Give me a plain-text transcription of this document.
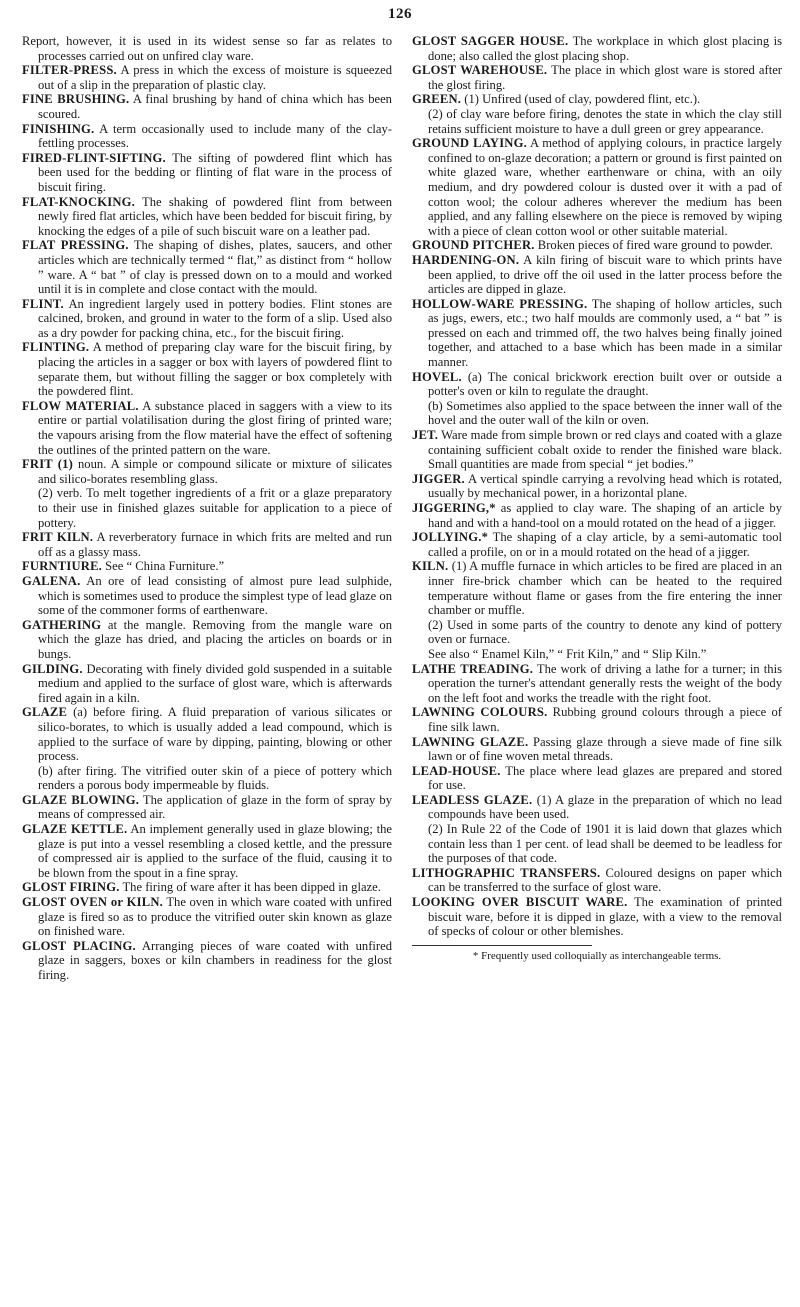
126

Report, however, it is used in its widest sense so far as relates to processes carried out on unfired clay ware.

FILTER-PRESS. A press in which the excess of moisture is squeezed out of a slip in the preparation of plastic clay.

FINE BRUSHING. A final brushing by hand of china which has been scoured.

FINISHING. A term occasionally used to include many of the clay-fettling processes.

FIRED-FLINT-SIFTING. The sifting of powdered flint which has been used for the bedding or flinting of flat ware in the process of biscuit firing.

FLAT-KNOCKING. The shaking of powdered flint from between newly fired flat articles, which have been bedded for biscuit firing, by knocking the edges of a pile of such biscuit ware on a leather pad.

FLAT PRESSING. The shaping of dishes, plates, saucers, and other articles which are technically termed “ flat,” as distinct from “ hollow ” ware. A “ bat ” of clay is pressed down on to a mould and worked until it is in complete and close contact with the mould.

FLINT. An ingredient largely used in pottery bodies. Flint stones are calcined, broken, and ground in water to the form of a slip. Used also as a dry powder for packing china, etc., for the biscuit firing.

FLINTING. A method of preparing clay ware for the biscuit firing, by placing the articles in a sagger or box with layers of powdered flint to separate them, but without filling the sagger or box completely with the powdered flint.

FLOW MATERIAL. A substance placed in saggers with a view to its entire or partial volatilisation during the glost firing of printed ware; the vapours arising from the flow material have the effect of softening the outlines of the printed pattern on the ware.

FRIT (1) noun. A simple or compound silicate or mixture of silicates and silico-borates resembling glass.

(2) verb. To melt together ingredients of a frit or a glaze preparatory to their use in finished glazes suitable for application to a piece of pottery.

FRIT KILN. A reverberatory furnace in which frits are melted and run off as a glassy mass.

FURNTIURE. See “ China Furniture.”

GALENA. An ore of lead consisting of almost pure lead sulphide, which is sometimes used to produce the simplest type of lead glaze on some of the commoner forms of earthenware.

GATHERING at the mangle. Removing from the mangle ware on which the glaze has dried, and placing the articles on boards or in bungs.

GILDING. Decorating with finely divided gold suspended in a suitable medium and applied to the surface of glost ware, which is afterwards fired again in a kiln.

GLAZE (a) before firing. A fluid preparation of various silicates or silico-borates, to which is usually added a lead compound, which is applied to the surface of ware by dipping, painting, blowing or other process.

(b) after firing. The vitrified outer skin of a piece of pottery which renders a porous body impermeable by fluids.

GLAZE BLOWING. The application of glaze in the form of spray by means of compressed air.

GLAZE KETTLE. An implement generally used in glaze blowing; the glaze is put into a vessel resembling a closed kettle, and the pressure of compressed air is applied to the surface of the fluid, causing it to be blown from the spout in a fine spray.

GLOST FIRING. The firing of ware after it has been dipped in glaze.

GLOST OVEN or KILN. The oven in which ware coated with unfired glaze is fired so as to produce the vitrified outer skin known as glaze on finished ware.

GLOST PLACING. Arranging pieces of ware coated with unfired glaze in saggers, boxes or kiln chambers in readiness for the glost firing.

GLOST SAGGER HOUSE. The workplace in which glost placing is done; also called the glost placing shop.

GLOST WAREHOUSE. The place in which glost ware is stored after the glost firing.

GREEN. (1) Unfired (used of clay, powdered flint, etc.).

(2) of clay ware before firing, denotes the state in which the clay still retains sufficient moisture to have a dull green or grey appearance.

GROUND LAYING. A method of applying colours, in practice largely confined to on-glaze decoration; a pattern or ground is first painted on white glazed ware, whether earthenware or china, with an oily medium, and dry powdered colour is dusted over it with a pad of cotton wool; the colour adheres wherever the medium has been applied, and any falling elsewhere on the piece is removed by wiping with a piece of clean cotton wool or other suitable material.

GROUND PITCHER. Broken pieces of fired ware ground to powder.

HARDENING-ON. A kiln firing of biscuit ware to which prints have been applied, to drive off the oil used in the latter process before the articles are dipped in glaze.

HOLLOW-WARE PRESSING. The shaping of hollow articles, such as jugs, ewers, etc.; two half moulds are commonly used, a “ bat ” is pressed on each and trimmed off, the two halves being finally joined together, and attached to a base which has been made in a similar manner.

HOVEL. (a) The conical brickwork erection built over or outside a potter's oven or kiln to regulate the draught.

(b) Sometimes also applied to the space between the inner wall of the hovel and the outer wall of the kiln or oven.

JET. Ware made from simple brown or red clays and coated with a glaze containing sufficient cobalt oxide to render the finished ware black. Small quantities are made from special “ jet bodies.”

JIGGER. A vertical spindle carrying a revolving head which is rotated, usually by mechanical power, in a horizontal plane.

JIGGERING,* as applied to clay ware. The shaping of an article by hand and with a hand-tool on a mould rotated on the head of a jigger.

JOLLYING.* The shaping of a clay article, by a semi-automatic tool called a profile, on or in a mould rotated on the head of a jigger.

KILN. (1) A muffle furnace in which articles to be fired are placed in an inner fire-brick chamber which can be heated to the required temperature without flame or gases from the fire entering the inner chamber or muffle.

(2) Used in some parts of the country to denote any kind of pottery oven or furnace.

See also “ Enamel Kiln,” “ Frit Kiln,” and “ Slip Kiln.”

LATHE TREADING. The work of driving a lathe for a turner; in this operation the turner's attendant generally rests the weight of the body on the left foot and works the treadle with the right foot.

LAWNING COLOURS. Rubbing ground colours through a piece of fine silk lawn.

LAWNING GLAZE. Passing glaze through a sieve made of fine silk lawn or of fine woven metal threads.

LEAD-HOUSE. The place where lead glazes are prepared and stored for use.

LEADLESS GLAZE. (1) A glaze in the preparation of which no lead compounds have been used.

(2) In Rule 22 of the Code of 1901 it is laid down that glazes which contain less than 1 per cent. of lead shall be deemed to be leadless for the purposes of that code.

LITHOGRAPHIC TRANSFERS. Coloured designs on paper which can be transferred to the surface of glost ware.

LOOKING OVER BISCUIT WARE. The examination of printed biscuit ware, before it is dipped in glaze, with a view to the removal of specks of colour or other blemishes.

* Frequently used colloquially as interchangeable terms.
